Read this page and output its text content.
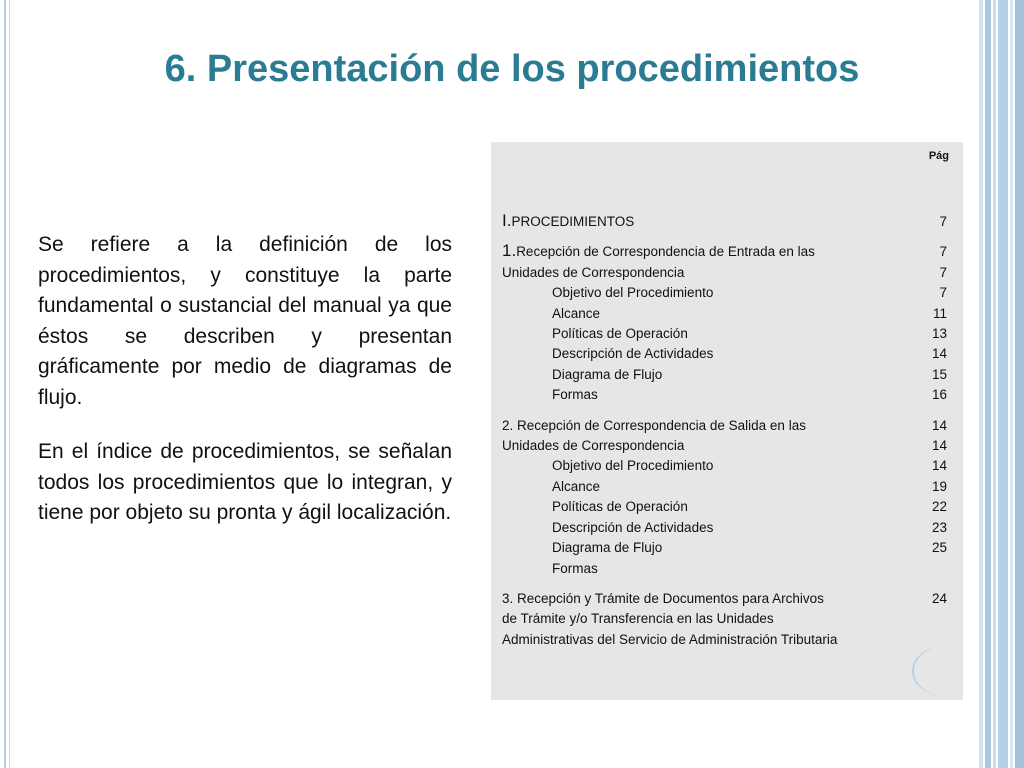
6. Presentación de los procedimientos

Se refiere a la definición de los procedimientos, y constituye la parte fundamental o sustancial del manual ya que éstos se describen y presentan gráficamente por medio de diagramas de flujo.

En el índice de procedimientos, se señalan todos los procedimientos que lo integran, y tiene por objeto su pronta y ágil localización.

Pág
I.PROCEDIMIENTOS	7
1.Recepción de Correspondencia de Entrada en las	7
Unidades de Correspondencia	7
Objetivo del Procedimiento	7
Alcance	11
Políticas de Operación	13
Descripción de Actividades	14
Diagrama de Flujo	15
Formas	16
2. Recepción de Correspondencia de Salida en las	14
Unidades de Correspondencia	14
Objetivo del Procedimiento	14
Alcance	19
Políticas de Operación	22
Descripción de Actividades	23
Diagrama de Flujo	25
Formas
3. Recepción y Trámite de Documentos para Archivos	24
de Trámite y/o Transferencia en las Unidades
Administrativas del Servicio de Administración Tributaria
